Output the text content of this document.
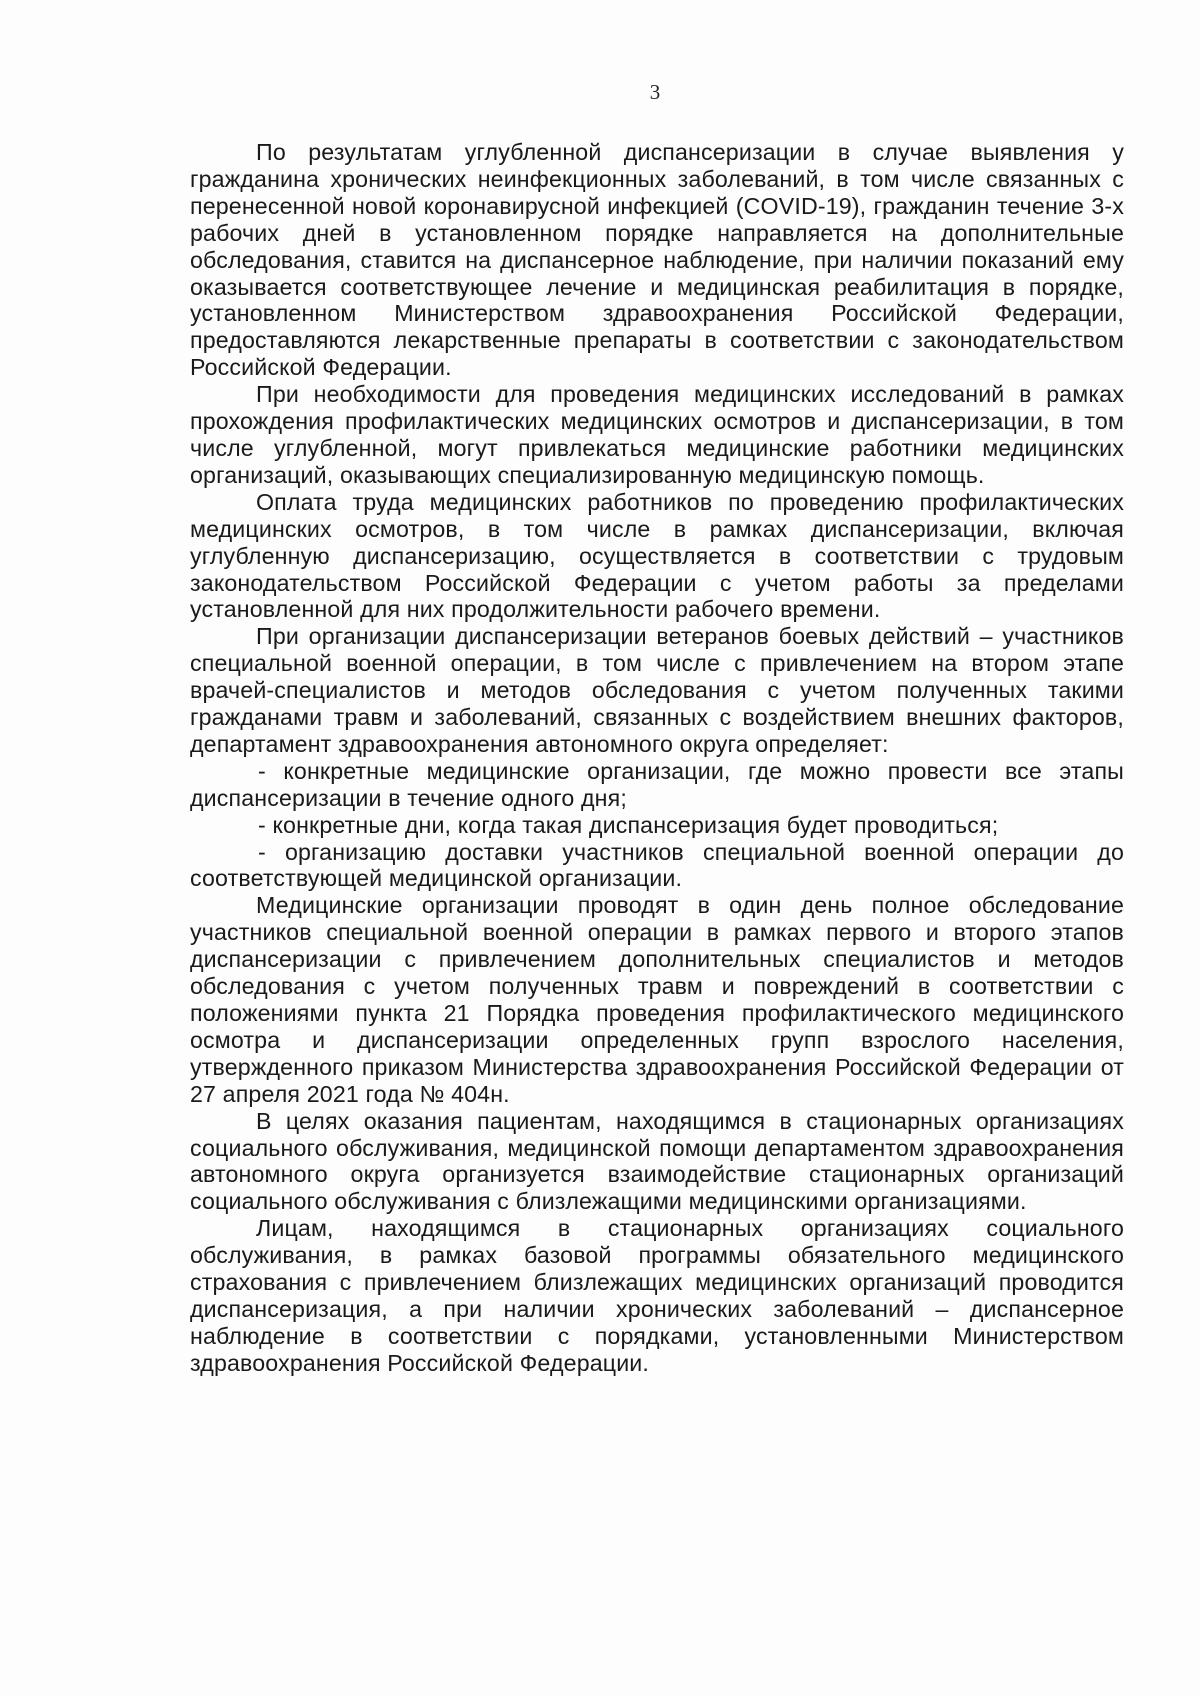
3

По результатам углубленной диспансеризации в случае выявления у гражданина хронических неинфекционных заболеваний, в том числе связанных с перенесенной новой коронавирусной инфекцией (COVID-19), гражданин течение 3-х рабочих дней в установленном порядке направляется на дополнительные обследования, ставится на диспансерное наблюдение, при наличии показаний ему оказывается соответствующее лечение и медицинская реабилитация в порядке, установленном Министерством здравоохранения Российской Федерации, предоставляются лекарственные препараты в соответствии с законодательством Российской Федерации.

При необходимости для проведения медицинских исследований в рамках прохождения профилактических медицинских осмотров и диспансеризации, в том числе углубленной, могут привлекаться медицинские работники медицинских организаций, оказывающих специализированную медицинскую помощь.

Оплата труда медицинских работников по проведению профилактических медицинских осмотров, в том числе в рамках диспансеризации, включая углубленную диспансеризацию, осуществляется в соответствии с трудовым законодательством Российской Федерации с учетом работы за пределами установленной для них продолжительности рабочего времени.

При организации диспансеризации ветеранов боевых действий – участников специальной военной операции, в том числе с привлечением на втором этапе врачей-специалистов и методов обследования с учетом полученных такими гражданами травм и заболеваний, связанных с воздействием внешних факторов, департамент здравоохранения автономного округа определяет:

- конкретные медицинские организации, где можно провести все этапы диспансеризации в течение одного дня;

- конкретные дни, когда такая диспансеризация будет проводиться;

- организацию доставки участников специальной военной операции до соответствующей медицинской организации.

Медицинские организации проводят в один день полное обследование участников специальной военной операции в рамках первого и второго этапов диспансеризации с привлечением дополнительных специалистов и методов обследования с учетом полученных травм и повреждений в соответствии с положениями пункта 21 Порядка проведения профилактического медицинского осмотра и диспансеризации определенных групп взрослого населения, утвержденного приказом Министерства здравоохранения Российской Федерации от 27 апреля 2021 года № 404н.

В целях оказания пациентам, находящимся в стационарных организациях социального обслуживания, медицинской помощи департаментом здравоохранения автономного округа организуется взаимодействие стационарных организаций социального обслуживания с близлежащими медицинскими организациями.

Лицам, находящимся в стационарных организациях социального обслуживания, в рамках базовой программы обязательного медицинского страхования с привлечением близлежащих медицинских организаций проводится диспансеризация, а при наличии хронических заболеваний – диспансерное наблюдение в соответствии с порядками, установленными Министерством здравоохранения Российской Федерации.
